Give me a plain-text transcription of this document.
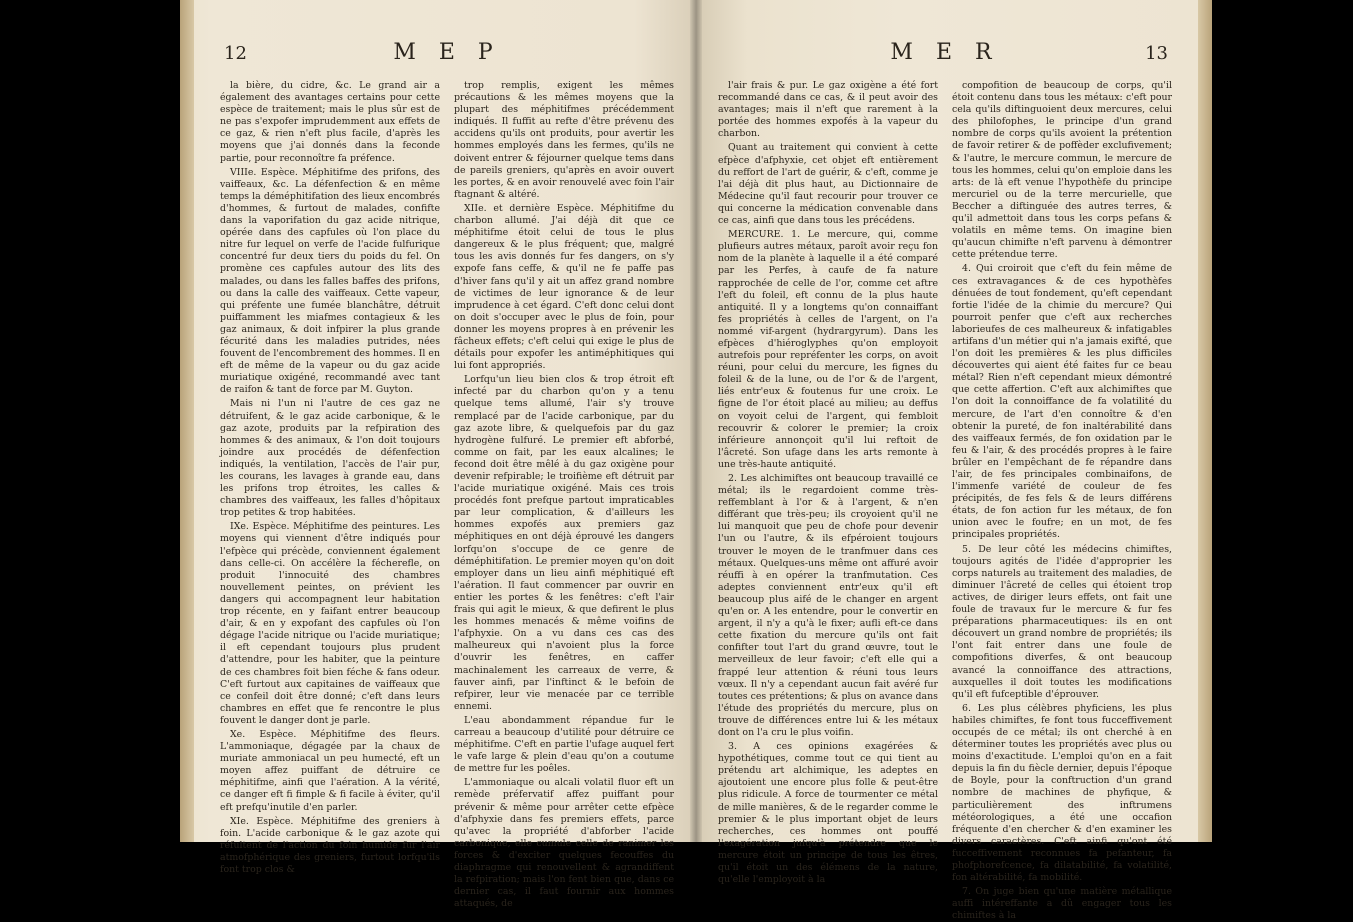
12	M E P

la bière, du cidre, &c. Le grand air a également des avantages certains pour cette espèce de traitement; mais le plus sûr est de ne pas s'expofer imprudemment aux effets de ce gaz, & rien n'eft plus facile, d'après les moyens que j'ai donnés dans la feconde partie, pour reconnoître fa préfence.

VIIIe. Espèce. Méphitifme des prifons, des vaiffeaux, &c. La défenfection & en même temps la déméphitifation des lieux encombrés d'hommes, & furtout de malades, confifte dans la vaporifation du gaz acide nitrique, opérée dans des capfules où l'on place du nitre fur lequel on verfe de l'acide fulfurique concentré fur deux tiers du poids du fel. On promène ces capfules autour des lits des malades, ou dans les falles baffes des prifons, ou dans la calle des vaiffeaux. Cette vapeur, qui préfente une fumée blanchâtre, détruit puiffamment les miafmes contagieux & les gaz animaux, & doit infpirer la plus grande fécurité dans les maladies putrides, nées fouvent de l'encombrement des hommes. Il en eft de même de la vapeur ou du gaz acide muriatique oxigéné, recommandé avec tant de raifon & tant de force par M. Guyton.

Mais ni l'un ni l'autre de ces gaz ne détruifent, & le gaz acide carbonique, & le gaz azote, produits par la refpiration des hommes & des animaux, & l'on doit toujours joindre aux procédés de défenfection indiqués, la ventilation, l'accès de l'air pur, les courans, les lavages à grande eau, dans les prifons trop étroites, les calles & chambres des vaiffeaux, les falles d'hôpitaux trop petites & trop habitées.

IXe. Espèce. Méphitifme des peintures. Les moyens qui viennent d'être indiqués pour l'efpèce qui précède, conviennent également dans celle-ci. On accélère la fécherefle, on produit l'innocuité des chambres nouvellement peintes, on prévient les dangers qui accompagnent leur habitation trop récente, en y faifant entrer beaucoup d'air, & en y expofant des capfules où l'on dégage l'acide nitrique ou l'acide muriatique; il eft cependant toujours plus prudent d'attendre, pour les habiter, que la peinture de ces chambres foit bien féche & fans odeur. C'eft furtout aux capitaines de vaiffeaux que ce confeil doit être donné; c'eft dans leurs chambres en effet que fe rencontre le plus fouvent le danger dont je parle.

Xe. Espèce. Méphitifme des fleurs. L'ammoniaque, dégagée par la chaux de muriate ammoniacal un peu humecté, eft un moyen affez puiffant de détruire ce méphitifme, ainfi que l'aération. A la vérité, ce danger eft fi fimple & fi facile à éviter, qu'il eft prefqu'inutile d'en parler.

XIe. Espèce. Méphitifme des greniers à foin. L'acide carbonique & le gaz azote qui réfultent de l'action du foin humide fur l'air atmofphérique des greniers, furtout lorfqu'ils font trop clos &

trop remplis, exigent les mêmes précautions & les mêmes moyens que la plupart des méphitifmes précédemment indiqués. Il fuffit au refte d'être prévenu des accidens qu'ils ont produits, pour avertir les hommes employés dans les fermes, qu'ils ne doivent entrer & féjourner quelque tems dans de pareils greniers, qu'après en avoir ouvert les portes, & en avoir renouvelé avec foin l'air ftagnant & altéré.

XIIe. et dernière Espèce. Méphitifme du charbon allumé. J'ai déjà dit que ce méphitifme étoit celui de tous le plus dangereux & le plus fréquent; que, malgré tous les avis donnés fur fes dangers, on s'y expofe fans ceffe, & qu'il ne fe paffe pas d'hiver fans qu'il y ait un affez grand nombre de victimes de leur ignorance & de leur imprudence à cet égard. C'eft donc celui dont on doit s'occuper avec le plus de foin, pour donner les moyens propres à en prévenir les fâcheux effets; c'eft celui qui exige le plus de détails pour expofer les antiméphitiques qui lui font appropriés.

Lorfqu'un lieu bien clos & trop étroit eft infecté par du charbon qu'on y a tenu quelque tems allumé, l'air s'y trouve remplacé par de l'acide carbonique, par du gaz azote libre, & quelquefois par du gaz hydrogène fulfuré. Le premier eft abforbé, comme on fait, par les eaux alcalines; le fecond doit être mêlé à du gaz oxigène pour devenir refpirable; le troifième eft détruit par l'acide muriatique oxigéné. Mais ces trois procédés font prefque partout impraticables par leur complication, & d'ailleurs les hommes expofés aux premiers gaz méphitiques en ont déjà éprouvé les dangers lorfqu'on s'occupe de ce genre de déméphitifation. Le premier moyen qu'on doit employer dans un lieu ainfi méphitiqué eft l'aération. Il faut commencer par ouvrir en entier les portes & les fenêtres: c'eft l'air frais qui agit le mieux, & que defirent le plus les hommes menacés & même voifins de l'afphyxie. On a vu dans ces cas des malheureux qui n'avoient plus la force d'ouvrir les fenêtres, en caffer machinalement les carreaux de verre, & fauver ainfi, par l'inftinct & le befoin de refpirer, leur vie menacée par ce terrible ennemi.

L'eau abondamment répandue fur le carreau a beaucoup d'utilité pour détruire ce méphitifme. C'eft en partie l'ufage auquel fert le vafe large & plein d'eau qu'on a coutume de mettre fur les poêles.

L'ammoniaque ou alcali volatil fluor eft un remède préfervatif affez puiffant pour prévenir & même pour arrêter cette efpèce d'afphyxie dans fes premiers effets, parce qu'avec la propriété d'abforber l'acide carbonique, elle cumule celle de ranimer les forces & d'exciter quelques fecouffes du diaphragme qui renouvellent & agrandiffent la refpiration; mais l'on fent bien que, dans ce dernier cas, il faut fournir aux hommes attaqués, de

M E R	13

l'air frais & pur. Le gaz oxigène a été fort recommandé dans ce cas, & il peut avoir des avantages; mais il n'eft que rarement à la portée des hommes expofés à la vapeur du charbon.

Quant au traitement qui convient à cette efpèce d'afphyxie, cet objet eft entièrement du reffort de l'art de guérir, & c'eft, comme je l'ai déjà dit plus haut, au Dictionnaire de Médecine qu'il faut recourir pour trouver ce qui concerne la médication convenable dans ce cas, ainfi que dans tous les précédens.

MERCURE. 1. Le mercure, qui, comme plufieurs autres métaux, paroît avoir reçu fon nom de la planète à laquelle il a été comparé par les Perfes, à caufe de fa nature rapprochée de celle de l'or, comme cet aftre l'eft du foleil, eft connu de la plus haute antiquité. Il y a longtems qu'on connaiffant fes propriétés à celles de l'argent, on l'a nommé vif-argent (hydrargyrum). Dans les efpèces d'hiéroglyphes qu'on employoit autrefois pour repréfenter les corps, on avoit réuni, pour celui du mercure, les fignes du foleil & de la lune, ou de l'or & de l'argent, liés entr'eux & foutenus fur une croix. Le figne de l'or étoit placé au milieu; au deffus on voyoit celui de l'argent, qui fembloit recouvrir & colorer le premier; la croix inférieure annonçoit qu'il lui reftoit de l'âcreté. Son ufage dans les arts remonte à une très-haute antiquité.

2. Les alchimiftes ont beaucoup travaillé ce métal; ils le regardoient comme très-reffemblant à l'or & à l'argent, & n'en différant que très-peu; ils croyoient qu'il ne lui manquoit que peu de chofe pour devenir l'un ou l'autre, & ils efpéroient toujours trouver le moyen de le tranfmuer dans ces métaux. Quelques-uns même ont affuré avoir réuffi à en opérer la tranfmutation. Ces adeptes conviennent entr'eux qu'il eft beaucoup plus aifé de le changer en argent qu'en or. A les entendre, pour le convertir en argent, il n'y a qu'à le fixer; aufli eft-ce dans cette fixation du mercure qu'ils ont fait confifter tout l'art du grand œuvre, tout le merveilleux de leur favoir; c'eft elle qui a frappé leur attention & réuni tous leurs vœux. Il n'y a cependant aucun fait avéré fur toutes ces prétentions; & plus on avance dans l'étude des propriétés du mercure, plus on trouve de différences entre lui & les métaux dont on l'a cru le plus voifin.

3. A ces opinions exagérées & hypothétiques, comme tout ce qui tient au prétendu art alchimique, les adeptes en ajoutoient une encore plus folle & peut-être plus ridicule. A force de tourmenter ce métal de mille manières, & de le regarder comme le premier & le plus important objet de leurs recherches, ces hommes ont pouffé l'exagération jufqu'à prétendre que le mercure étoit un principe de tous les êtres, qu'il étoit un des élémens de la nature, qu'elle l'employoit à la

compofition de beaucoup de corps, qu'il étoit contenu dans tous les métaux: c'eft pour cela qu'ils diftinguoient deux mercures, celui des philofophes, le principe d'un grand nombre de corps qu'ils avoient la prétention de favoir retirer & de poffèder exclufivement; & l'autre, le mercure commun, le mercure de tous les hommes, celui qu'on emploie dans les arts: de là eft venue l'hypothèfe du principe mercuriel ou de la terre mercurielle, que Beccher a diftinguée des autres terres, & qu'il admettoit dans tous les corps pefans & volatils en même tems. On imagine bien qu'aucun chimifte n'eft parvenu à démontrer cette prétendue terre.

4. Qui croiroit que c'eft du fein même de ces extravagances & de ces hypothèfes dénuées de tout fondement, qu'eft cependant fortie l'idée de la chimie du mercure? Qui pourroit penfer que c'eft aux recherches laborieufes de ces malheureux & infatigables artifans d'un métier qui n'a jamais exifté, que l'on doit les premières & les plus difficiles découvertes qui aient été faites fur ce beau métal? Rien n'eft cependant mieux démontré que cette affertion. C'eft aux alchimiftes que l'on doit la connoiffance de fa volatilité du mercure, de l'art d'en connoître & d'en obtenir la pureté, de fon inaltérabilité dans des vaiffeaux fermés, de fon oxidation par le feu & l'air, & des procédés propres à le faire brûler en l'empêchant de fe répandre dans l'air, de fes principales combinaifons, de l'immenfe variété de couleur de fes précipités, de fes fels & de leurs différens états, de fon action fur les métaux, de fon union avec le foufre; en un mot, de fes principales propriétés.

5. De leur côté les médecins chimiftes, toujours agités de l'idée d'approprier les corps naturels au traitement des maladies, de diminuer l'âcreté de celles qui étoient trop actives, de diriger leurs effets, ont fait une foule de travaux fur le mercure & fur fes préparations pharmaceutiques: ils en ont découvert un grand nombre de propriétés; ils l'ont fait entrer dans une foule de compofitions diverfes, & ont beaucoup avancé la connoiffance des attractions, auxquelles il doit toutes les modifications qu'il eft fufceptible d'éprouver.

6. Les plus célèbres phyficiens, les plus habiles chimiftes, fe font tous fucceffivement occupés de ce métal; ils ont cherché à en déterminer toutes les propriétés avec plus ou moins d'exactitude. L'emploi qu'on en a fait depuis la fin du fiècle dernier, depuis l'époque de Boyle, pour la conftruction d'un grand nombre de machines de phyfique, & particulièrement des inftrumens météorologiques, a été une occafion fréquente d'en chercher & d'en examiner les divers caractères. C'eft ainfi qu'ont été fucceffivement reconnues fa pefanteur, fa phofphorefcence, fa dilatabilité, fa volatilité, fon altérabilité, fa mobilité.

7. On juge bien qu'une matière métallique auffi intéreffante a dû engager tous les chimiftes à la
